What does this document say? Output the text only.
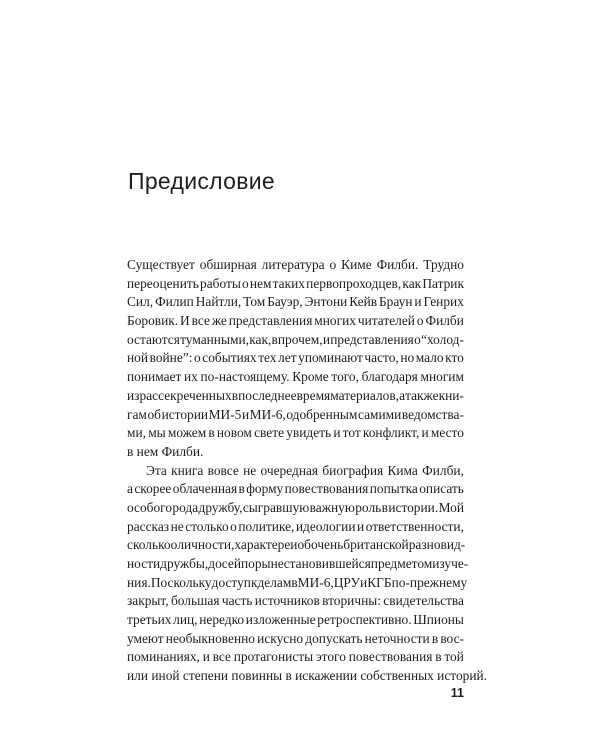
Предисловие
Существует обширная литература о Киме Филби. Трудно
переоценить работы о нем таких первопроходцев, как Патрик
Сил, Филип Найтли, Том Бауэр, Энтони Кейв Браун и Генрих
Боровик. И все же представления многих читателей о Филби
остаются туманными, как, впрочем, и представления о “холод-
ной войне”: о событиях тех лет упоминают часто, но мало кто
понимает их по-настоящему. Кроме того, благодаря многим
из рассекреченных в последнее время материалов, а также кни-
гам об истории МИ-5 и МИ-6, одобренным самими ведомства-
ми, мы можем в новом свете увидеть и тот конфликт, и место
в нем Филби.
Эта книга вовсе не очередная биография Кима Филби,
а скорее облаченная в форму повествования попытка описать
особого рода дружбу, сыгравшую важную роль в истории. Мой
рассказ не столько о политике, идеологии и ответственности,
сколько о личности, характере и об очень британской разновид-
ности дружбы, до сей поры не становившейся предметом изуче-
ния. Поскольку доступ к делам в МИ-6, ЦРУ и КГБ по-прежнему
закрыт, большая часть источников вторичны: свидетельства
третьих лиц, нередко изложенные ретроспективно. Шпионы
умеют необыкновенно искусно допускать неточности в вос-
поминаниях, и все протагонисты этого повествования в той
или иной степени повинны в искажении собственных историй.

11
